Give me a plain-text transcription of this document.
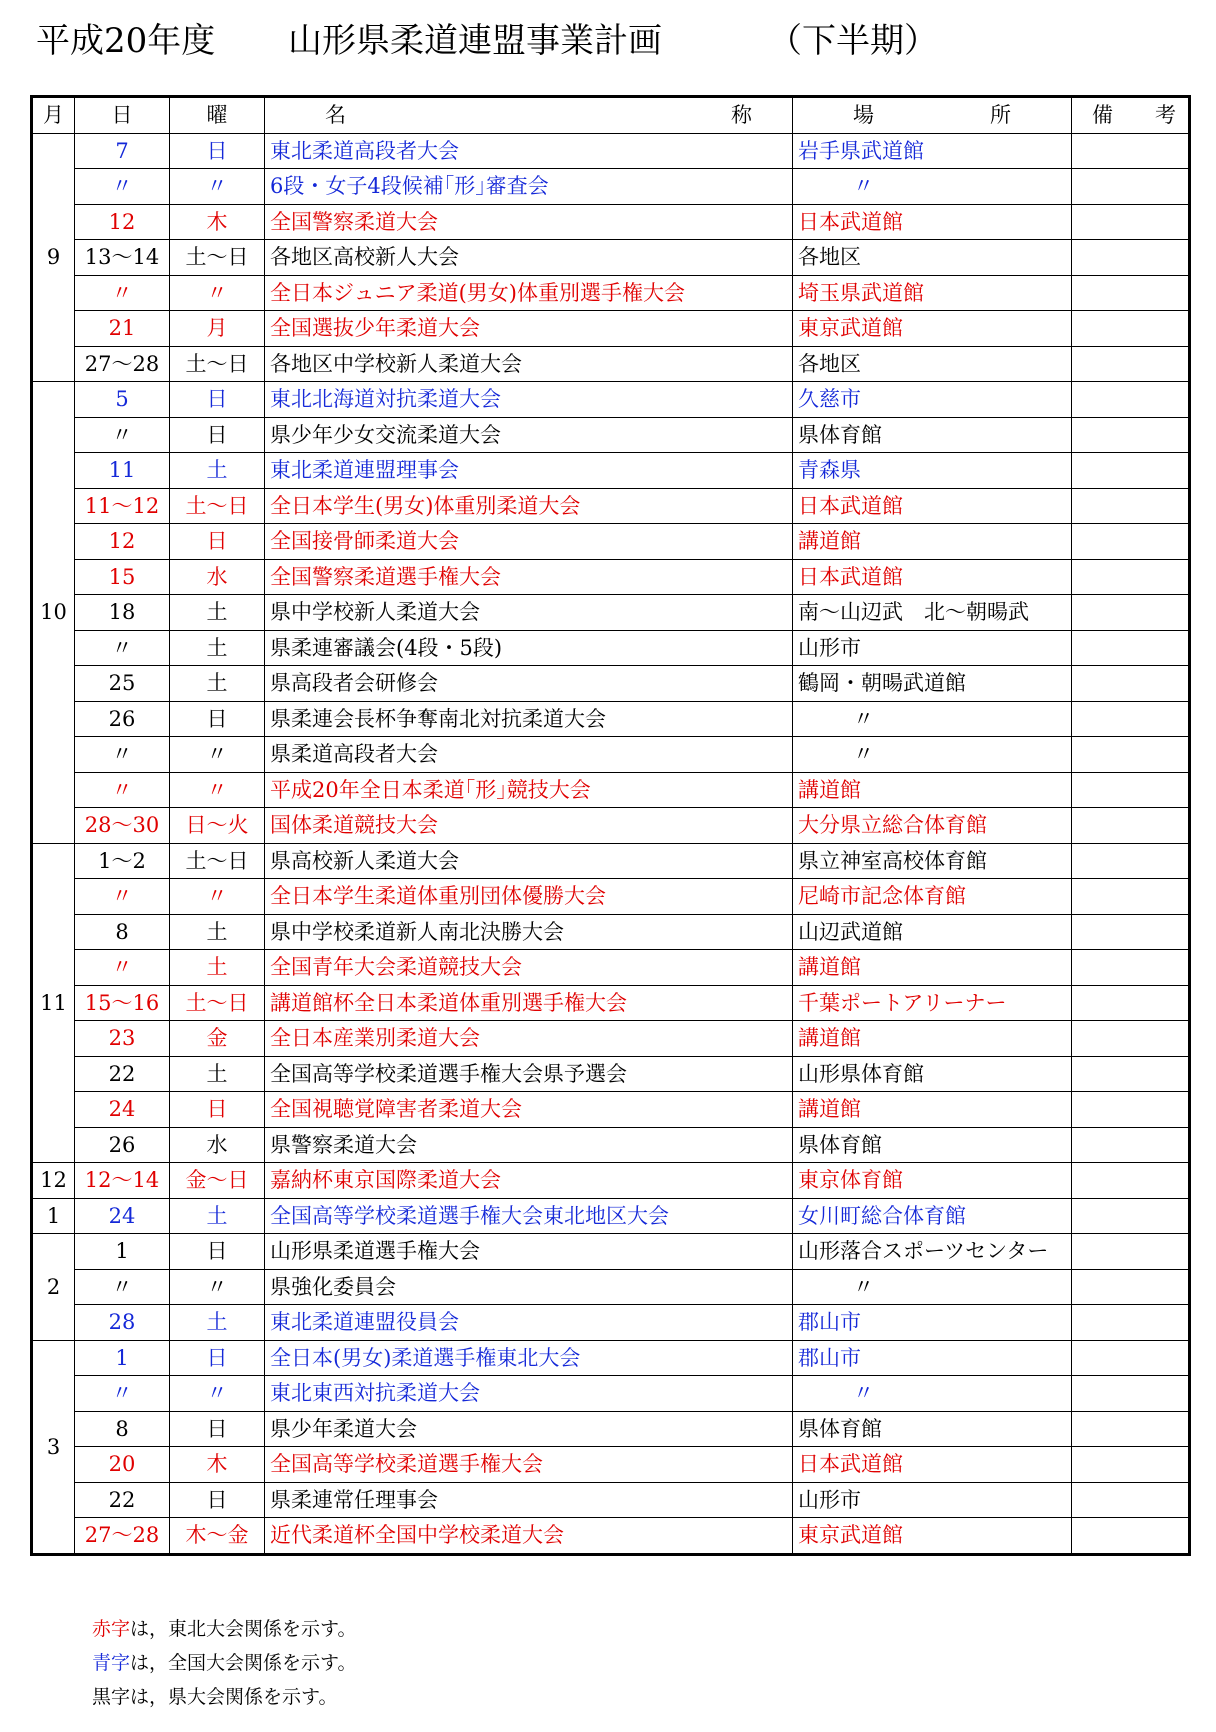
平成20年度 山形県柔道連盟事業計画	（下半期）
月	日	曜	名 称	場 所	備 考

9	7	日	東北柔道高段者大会	岩手県武道館	
	〃	〃	6段・女子4段候補｢形｣審査会	〃	
	12	木	全国警察柔道大会	日本武道館	
	13～14	土～日	各地区高校新人大会	各地区	
	〃	〃	全日本ジュニア柔道(男女)体重別選手権大会	埼玉県武道館	
	21	月	全国選抜少年柔道大会	東京武道館	
	27～28	土～日	各地区中学校新人柔道大会	各地区	
10	5	日	東北北海道対抗柔道大会	久慈市	
	〃	日	県少年少女交流柔道大会	県体育館	
	11	土	東北柔道連盟理事会	青森県	
	11～12	土～日	全日本学生(男女)体重別柔道大会	日本武道館	
	12	日	全国接骨師柔道大会	講道館	
	15	水	全国警察柔道選手権大会	日本武道館	
	18	土	県中学校新人柔道大会	南～山辺武　北～朝暘武	
	〃	土	県柔連審議会(4段・5段)	山形市	
	25	土	県高段者会研修会	鶴岡・朝暘武道館	
	26	日	県柔連会長杯争奪南北対抗柔道大会	〃	
	〃	〃	県柔道高段者大会	〃	
	〃	〃	平成20年全日本柔道｢形｣競技大会	講道館	
	28～30	日～火	国体柔道競技大会	大分県立総合体育館	
11	1～2	土～日	県高校新人柔道大会	県立神室高校体育館	
	〃	〃	全日本学生柔道体重別団体優勝大会	尼崎市記念体育館	
	8	土	県中学校柔道新人南北決勝大会	山辺武道館	
	〃	土	全国青年大会柔道競技大会	講道館	
	15～16	土～日	講道館杯全日本柔道体重別選手権大会	千葉ポートアリーナー	
	23	金	全日本産業別柔道大会	講道館	
	22	土	全国高等学校柔道選手権大会県予選会	山形県体育館	
	24	日	全国視聴覚障害者柔道大会	講道館	
	26	水	県警察柔道大会	県体育館	
12	12～14	金～日	嘉納杯東京国際柔道大会	東京体育館	
1	24	土	全国高等学校柔道選手権大会東北地区大会	女川町総合体育館	
2	1	日	山形県柔道選手権大会	山形落合スポーツセンター	
	〃	〃	県強化委員会	〃	
	28	土	東北柔道連盟役員会	郡山市	
3	1	日	全日本(男女)柔道選手権東北大会	郡山市	
	〃	〃	東北東西対抗柔道大会	〃	
	8	日	県少年柔道大会	県体育館	
	20	木	全国高等学校柔道選手権大会	日本武道館	
	22	日	県柔連常任理事会	山形市	
	27～28	木～金	近代柔道杯全国中学校柔道大会	東京武道館	
赤字は，東北大会関係を示す。
青字は，全国大会関係を示す。
黒字は，県大会関係を示す。
